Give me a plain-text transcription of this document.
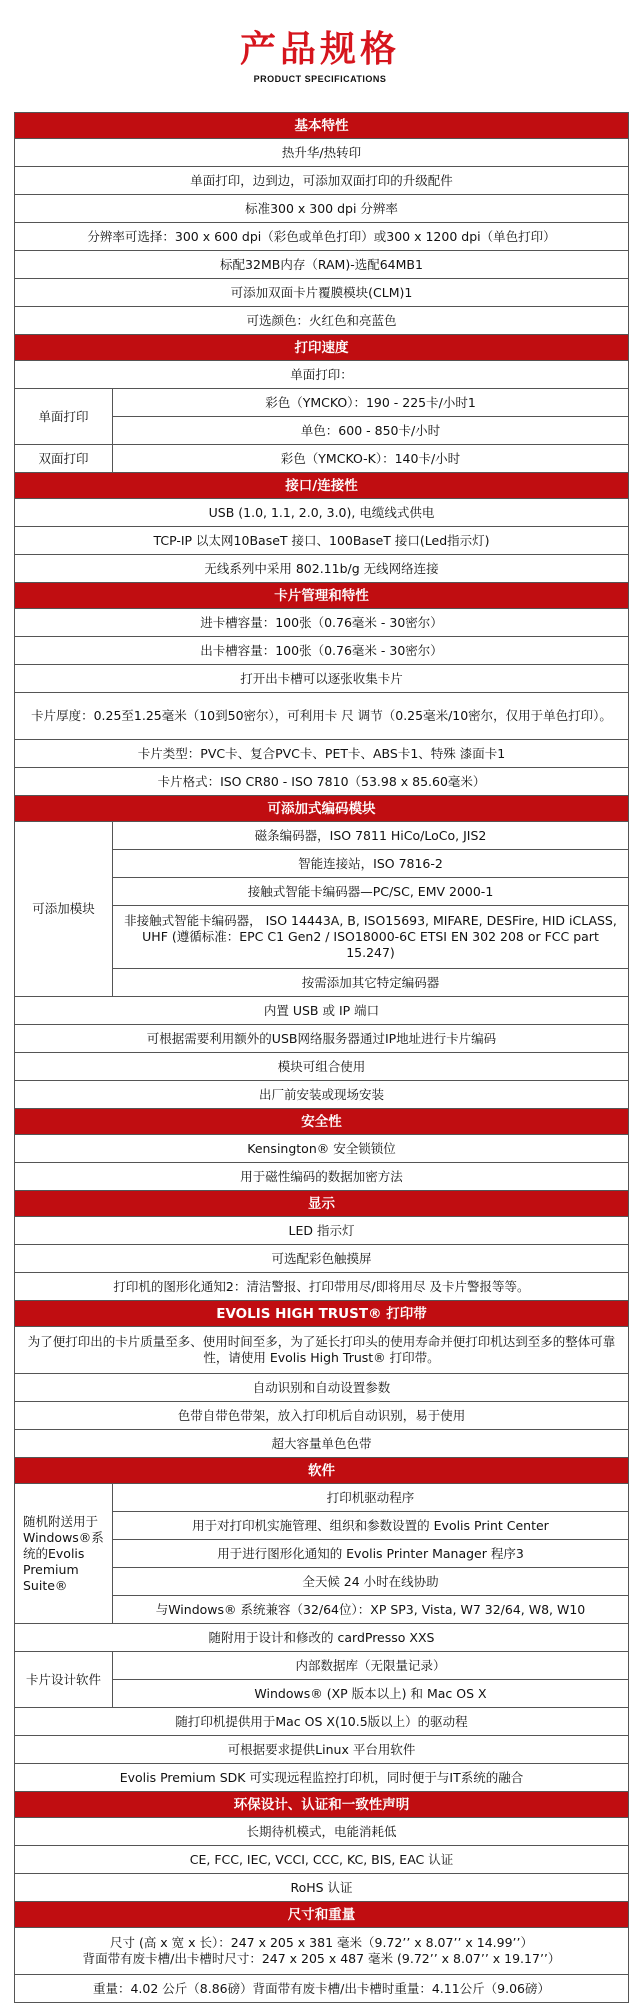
产品规格
PRODUCT SPECIFICATIONS
基本特性	
热升华/热转印	
单面打印，边到边，可添加双面打印的升级配件	
标准300 x 300 dpi 分辨率	
分辨率可选择：300 x 600 dpi（彩色或单色打印）或300 x 1200 dpi（单色打印）	
标配32MB内存（RAM)-选配64MB1	
可添加双面卡片覆膜模块(CLM)1	
可选颜色：火红色和亮蓝色	
打印速度	
单面打印：	
单面打印	彩色（YMCKO）：190 - 225卡/小时1
	单色：600 - 850卡/小时
双面打印	彩色（YMCKO-K）：140卡/小时
接口/连接性	
USB (1.0, 1.1, 2.0, 3.0), 电缆线式供电	
TCP-IP 以太网10BaseT 接口、100BaseT 接口(Led指示灯)	
无线系列中采用 802.11b/g 无线网络连接	
卡片管理和特性	
进卡槽容量：100张（0.76毫米 - 30密尔）	
出卡槽容量：100张（0.76毫米 - 30密尔）	
打开出卡槽可以逐张收集卡片	
卡片厚度：0.25至1.25毫米（10到50密尔），可利用卡 尺 调节（0.25毫米/10密尔，仅用于单色打印）。	
卡片类型：PVC卡、复合PVC卡、PET卡、ABS卡1、特殊 漆面卡1	
卡片格式：ISO CR80 - ISO 7810（53.98 x 85.60毫米）	
可添加式编码模块	
可添加模块	磁条编码器，ISO 7811 HiCo/LoCo, JIS2
	智能连接站，ISO 7816-2
	接触式智能卡编码器—PC/SC, EMV 2000-1
	非接触式智能卡编码器， ISO 14443A, B, ISO15693, MIFARE, DESFire, HID iCLASS, UHF (遵循标准：EPC C1 Gen2 / ISO18000-6C ETSI EN 302 208 or FCC part 15.247)
	按需添加其它特定编码器
内置 USB 或 IP 端口	
可根据需要利用额外的USB网络服务器通过IP地址进行卡片编码	
模块可组合使用	
出厂前安装或现场安装	
安全性	
Kensington® 安全锁锁位	
用于磁性编码的数据加密方法	
显示	
LED 指示灯	
可选配彩色触摸屏	
打印机的图形化通知2：清洁警报、打印带用尽/即将用尽 及卡片警报等等。	
EVOLIS HIGH TRUST® 打印带	
为了便打印出的卡片质量至多、使用时间至多，为了延长打印头的使用寿命并便打印机达到至多的整体可靠性，请使用 Evolis High Trust® 打印带。	
自动识别和自动设置参数	
色带自带色带架，放入打印机后自动识别，易于使用	
超大容量单色色带	
软件	
随机附送用于Windows®系统的Evolis Premium Suite®	打印机驱动程序
	用于对打印机实施管理、组织和参数设置的 Evolis Print Center
	用于进行图形化通知的 Evolis Printer Manager 程序3
	全天候 24 小时在线协助
	与Windows® 系统兼容（32/64位）：XP SP3, Vista, W7 32/64, W8, W10
随附用于设计和修改的 cardPresso XXS	
卡片设计软件	内部数据库（无限量记录）
	Windows® (XP 版本以上) 和 Mac OS X
随打印机提供用于Mac OS X(10.5版以上）的驱动程	
可根据要求提供Linux 平台用软件	
Evolis Premium SDK 可实现远程监控打印机，同时便于与IT系统的融合	
环保设计、认证和一致性声明	
长期待机模式，电能消耗低	
CE, FCC, IEC, VCCI, CCC, KC, BIS, EAC 认证	
RoHS 认证	
尺寸和重量	

尺寸 (高 x 宽 x 长）：247 x 205 x 381 毫米（9.72’’ x 8.07’’ x 14.99’’）
背面带有废卡槽/出卡槽时尺寸：247 x 205 x 487 毫米 (9.72’’ x 8.07’’ x 19.17’’）	

重量：4.02 公斤（8.86磅）背面带有废卡槽/出卡槽时重量：4.11公斤（9.06磅）	
